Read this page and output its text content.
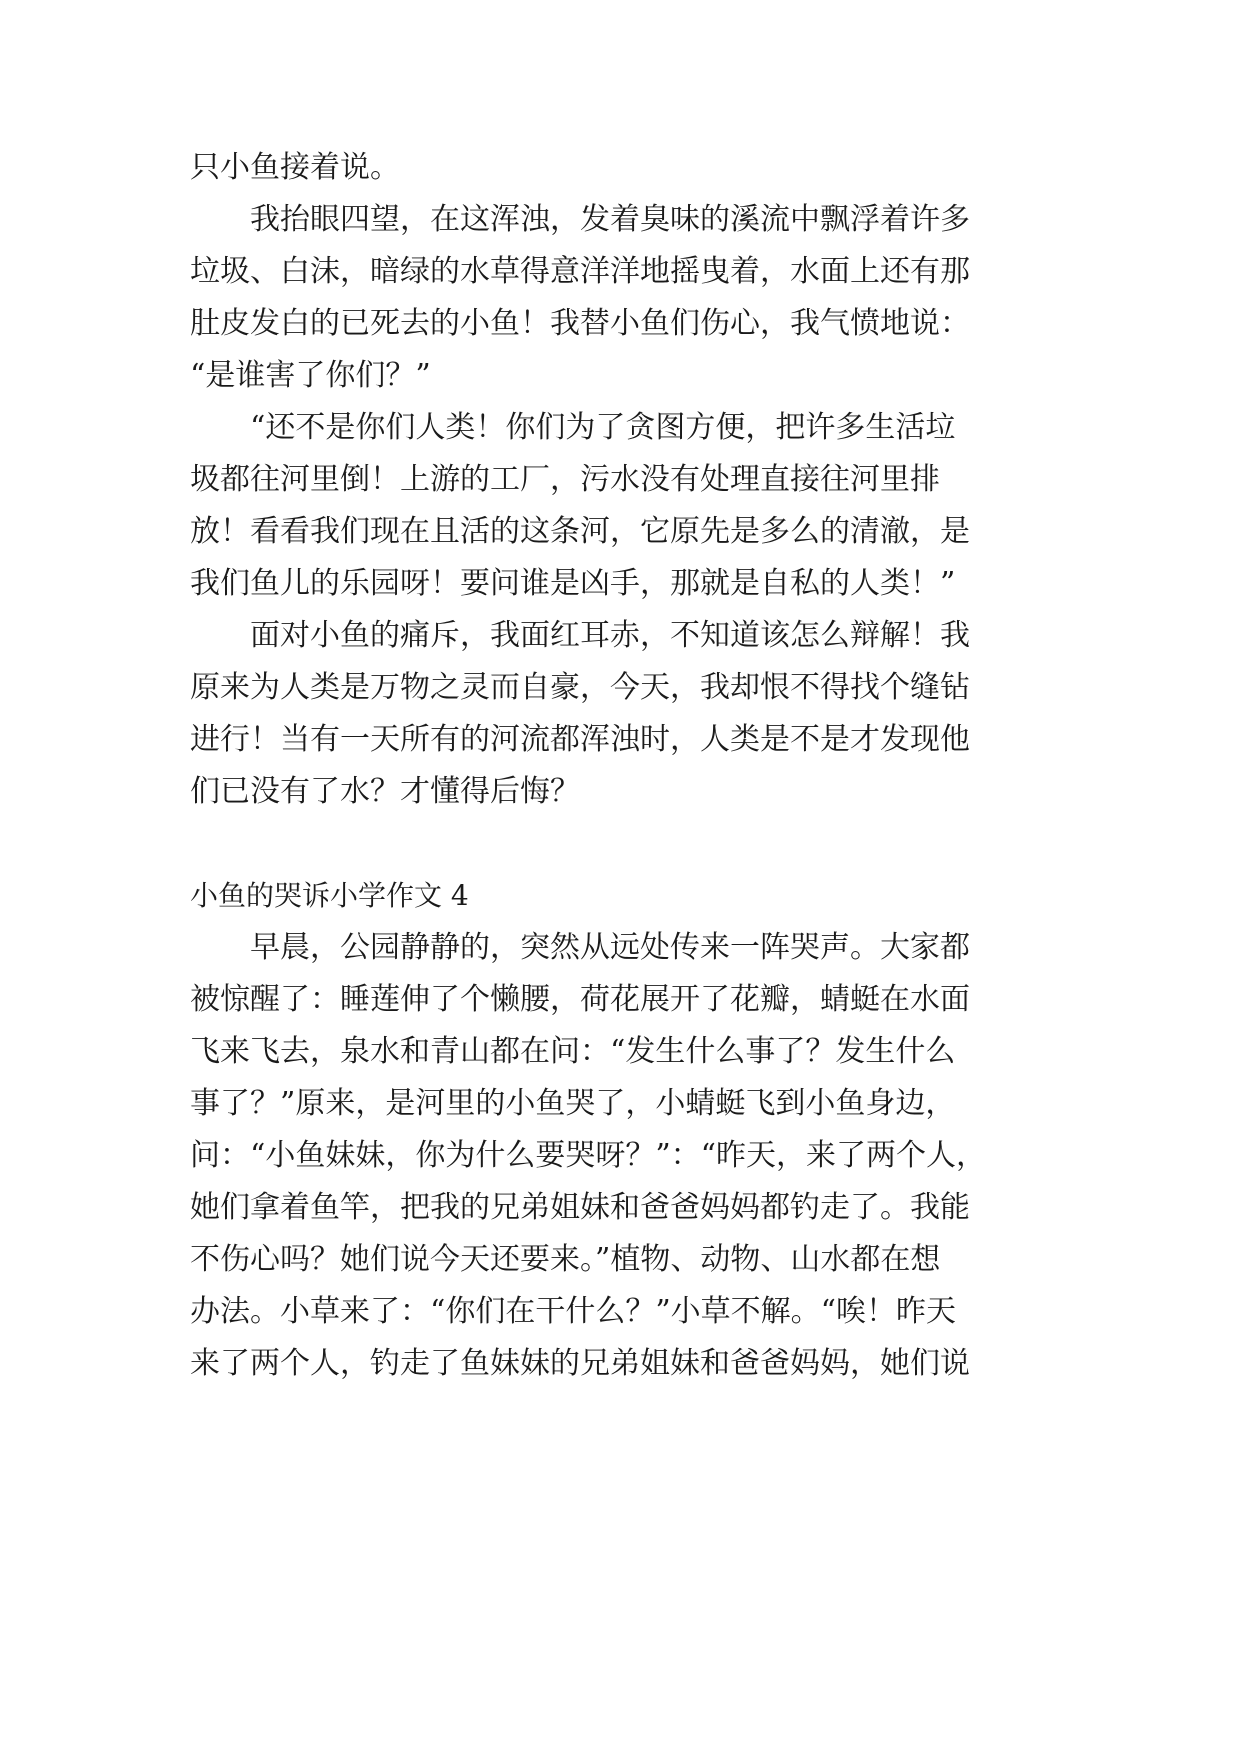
只小鱼接着说。
我抬眼四望，在这浑浊，发着臭味的溪流中飘浮着许多
垃圾、白沫，暗绿的水草得意洋洋地摇曳着，水面上还有那
肚皮发白的已死去的小鱼！我替小鱼们伤心，我气愤地说：
“是谁害了你们？”
“还不是你们人类！你们为了贪图方便，把许多生活垃
圾都往河里倒！上游的工厂，污水没有处理直接往河里排
放！看看我们现在且活的这条河，它原先是多么的清澈，是
我们鱼儿的乐园呀！要问谁是凶手，那就是自私的人类！”
面对小鱼的痛斥，我面红耳赤，不知道该怎么辩解！我
原来为人类是万物之灵而自豪，今天，我却恨不得找个缝钻
进行！当有一天所有的河流都浑浊时，人类是不是才发现他
们已没有了水？才懂得后悔？
小鱼的哭诉小学作文 4
早晨，公园静静的，突然从远处传来一阵哭声。大家都
被惊醒了：睡莲伸了个懒腰，荷花展开了花瓣，蜻蜓在水面
飞来飞去，泉水和青山都在问：“发生什么事了？发生什么
事了？”原来，是河里的小鱼哭了，小蜻蜓飞到小鱼身边，
问：“小鱼妹妹，你为什么要哭呀？”：“昨天，来了两个人，
她们拿着鱼竿，把我的兄弟姐妹和爸爸妈妈都钓走了。我能
不伤心吗？她们说今天还要来。”植物、动物、山水都在想
办法。小草来了：“你们在干什么？”小草不解。“唉！昨天
来了两个人，钓走了鱼妹妹的兄弟姐妹和爸爸妈妈，她们说
